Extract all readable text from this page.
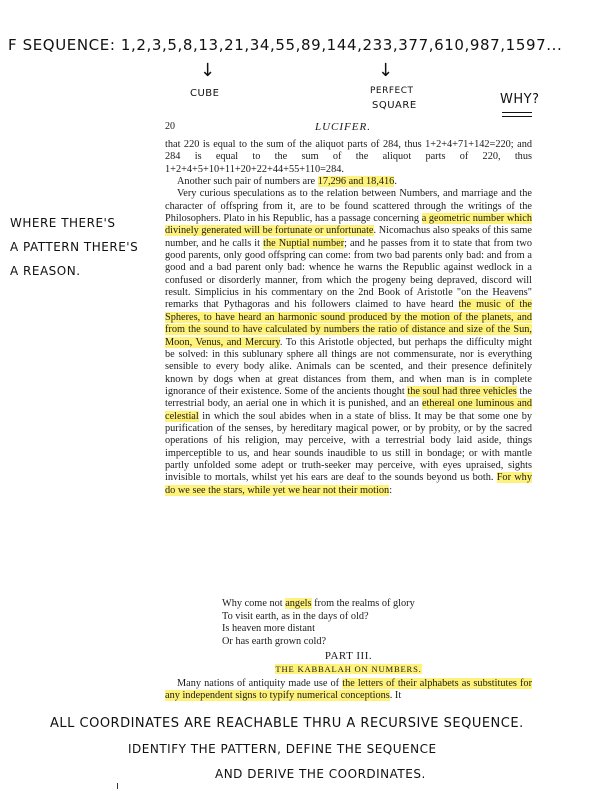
F SEQUENCE: 1,2,3,5,8,13,21,34,55,89,144,233,377,610,987,1597...
↓	↓
CUBE	PERFECT
SQUARE	WHY?
WHERE THERE'S
A PATTERN THERE'S
A REASON.
ALL COORDINATES ARE REACHABLE THRU A RECURSIVE SEQUENCE.
IDENTIFY THE PATTERN, DEFINE THE SEQUENCE
AND DERIVE THE COORDINATES.
20	LUCIFER.

that 220 is equal to the sum of the aliquot parts of 284, thus 1+2+4+71+142=220; and 284 is equal to the sum of the aliquot parts of 220, thus 1+2+4+5+10+11+20+22+44+55+110=284.

Another such pair of numbers are 17,296 and 18,416.

Very curious speculations as to the relation between Numbers, and marriage and the character of offspring from it, are to be found scattered through the writings of the Philosophers. Plato in his Republic, has a passage concerning a geometric number which divinely generated will be fortunate or unfortunate. Nicomachus also speaks of this same number, and he calls it the Nuptial number; and he passes from it to state that from two good parents, only good offspring can come: from two bad parents only bad: and from a good and a bad parent only bad: whence he warns the Republic against wedlock in a confused or disorderly manner, from which the progeny being depraved, discord will result. Simplicius in his commentary on the 2nd Book of Aristotle "on the Heavens" remarks that Pythagoras and his followers claimed to have heard the music of the Spheres, to have heard an harmonic sound produced by the motion of the planets, and from the sound to have calculated by numbers the ratio of distance and size of the Sun, Moon, Venus, and Mercury. To this Aristotle objected, but perhaps the difficulty might be solved: in this sublunary sphere all things are not commensurate, nor is everything sensible to every body alike. Animals can be scented, and their presence definitely known by dogs when at great distances from them, and when man is in complete ignorance of their existence. Some of the ancients thought the soul had three vehicles the terrestrial body, an aerial one in which it is punished, and an ethereal one luminous and celestial in which the soul abides when in a state of bliss. It may be that some one by purification of the senses, by hereditary magical power, or by probity, or by the sacred operations of his religion, may perceive, with a terrestrial body laid aside, things imperceptible to us, and hear sounds inaudible to us still in bondage; or with mantle partly unfolded some adept or truth-seeker may perceive, with eyes upraised, sights invisible to mortals, whilst yet his ears are deaf to the sounds beyond us both. For why do we see the stars, while yet we hear not their motion:

Why come not angels from the realms of glory
To visit earth, as in the days of old?
Is heaven more distant
Or has earth grown cold?
PART III.
THE KABBALAH ON NUMBERS.

Many nations of antiquity made use of the letters of their alphabets as substitutes for any independent signs to typify numerical conceptions. It
